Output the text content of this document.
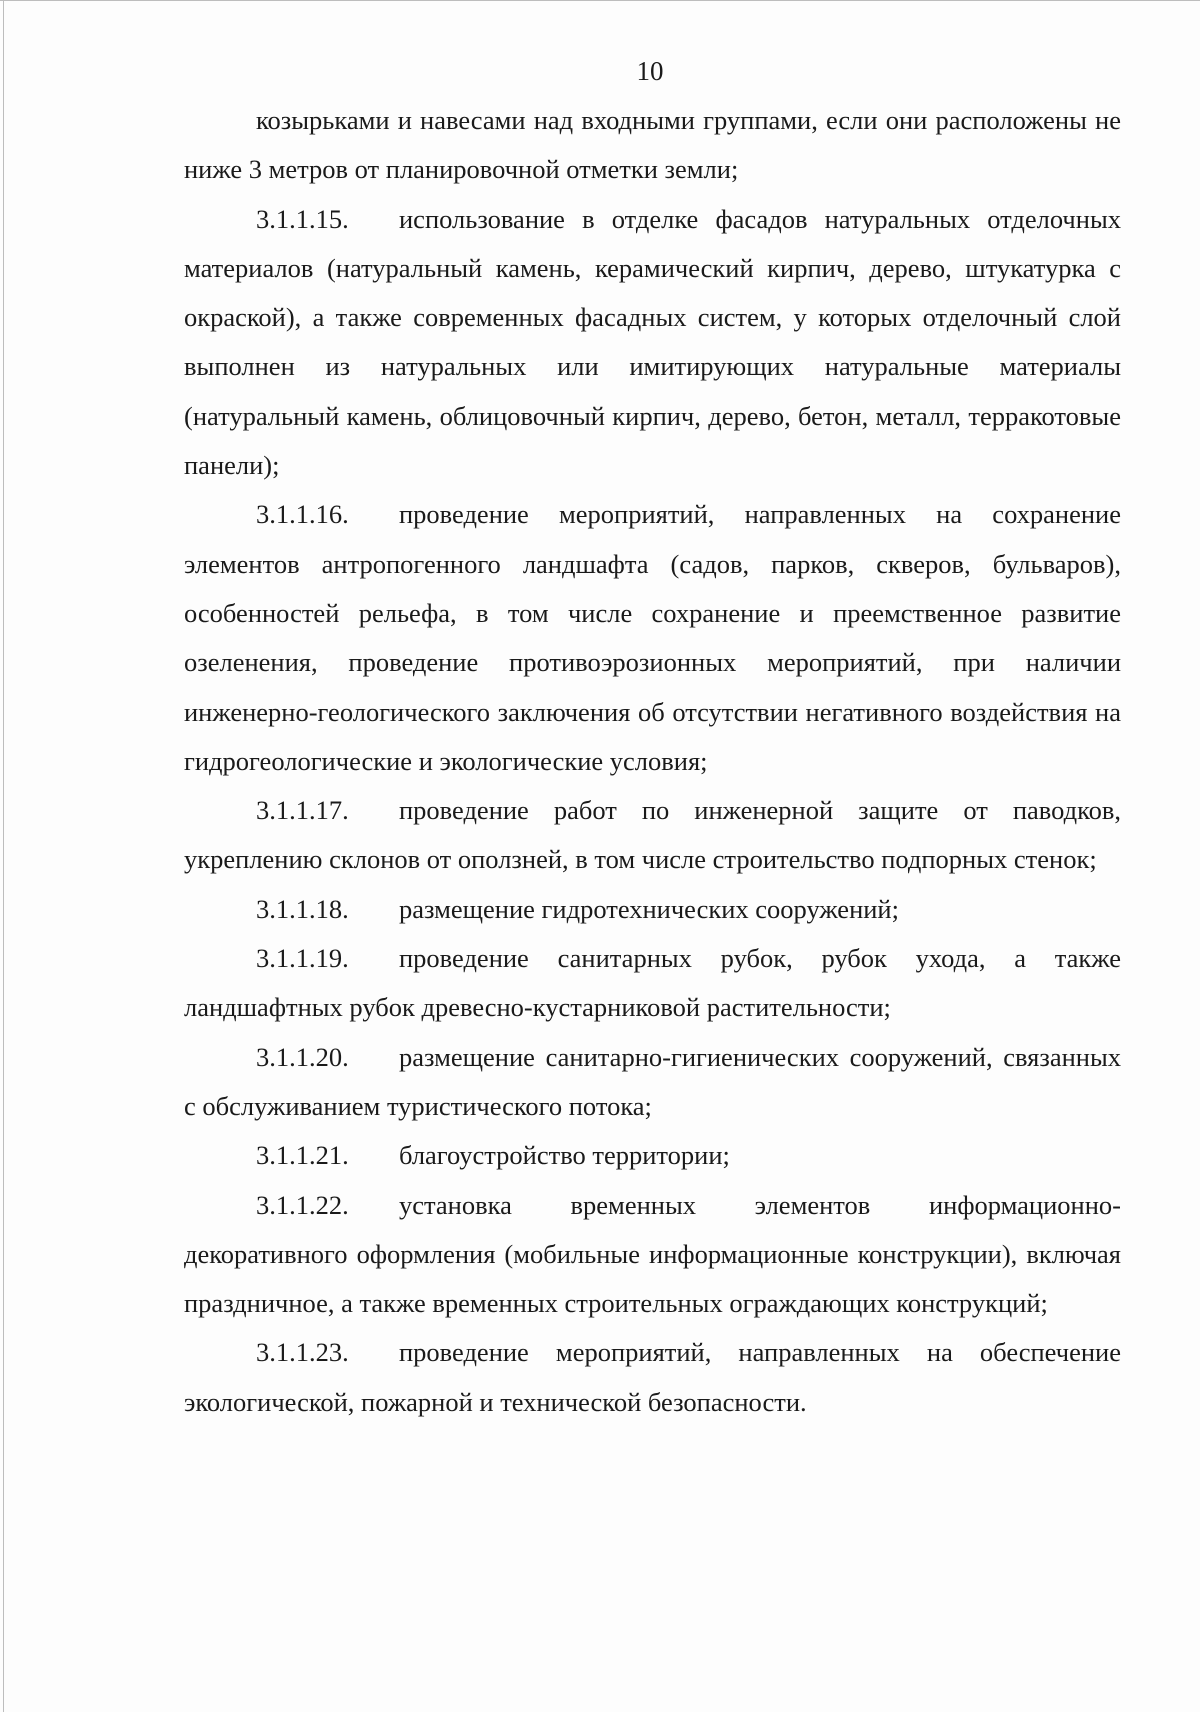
10

козырьками и навесами над входными группами, если они расположены не ниже 3 метров от планировочной отметки земли;

3.1.1.15. использование в отделке фасадов натуральных отделочных материалов (натуральный камень, керамический кирпич, дерево, штукатурка с окраской), а также современных фасадных систем, у которых отделочный слой выполнен из натуральных или имитирующих натуральные материалы (натуральный камень, облицовочный кирпич, дерево, бетон, металл, терракотовые панели);

3.1.1.16. проведение мероприятий, направленных на сохранение элементов антропогенного ландшафта (садов, парков, скверов, бульваров), особенностей рельефа, в том числе сохранение и преемственное развитие озеленения, проведение противоэрозионных мероприятий, при наличии инженерно-геологического заключения об отсутствии негативного воздействия на гидрогеологические и экологические условия;

3.1.1.17. проведение работ по инженерной защите от паводков, укреплению склонов от оползней, в том числе строительство подпорных стенок;

3.1.1.18. размещение гидротехнических сооружений;

3.1.1.19. проведение санитарных рубок, рубок ухода, а также ландшафтных рубок древесно-кустарниковой растительности;

3.1.1.20. размещение санитарно-гигиенических сооружений, связанных с обслуживанием туристического потока;

3.1.1.21. благоустройство территории;

3.1.1.22. установка временных элементов информационно-декоративного оформления (мобильные информационные конструкции), включая праздничное, а также временных строительных ограждающих конструкций;

3.1.1.23. проведение мероприятий, направленных на обеспечение экологической, пожарной и технической безопасности.
